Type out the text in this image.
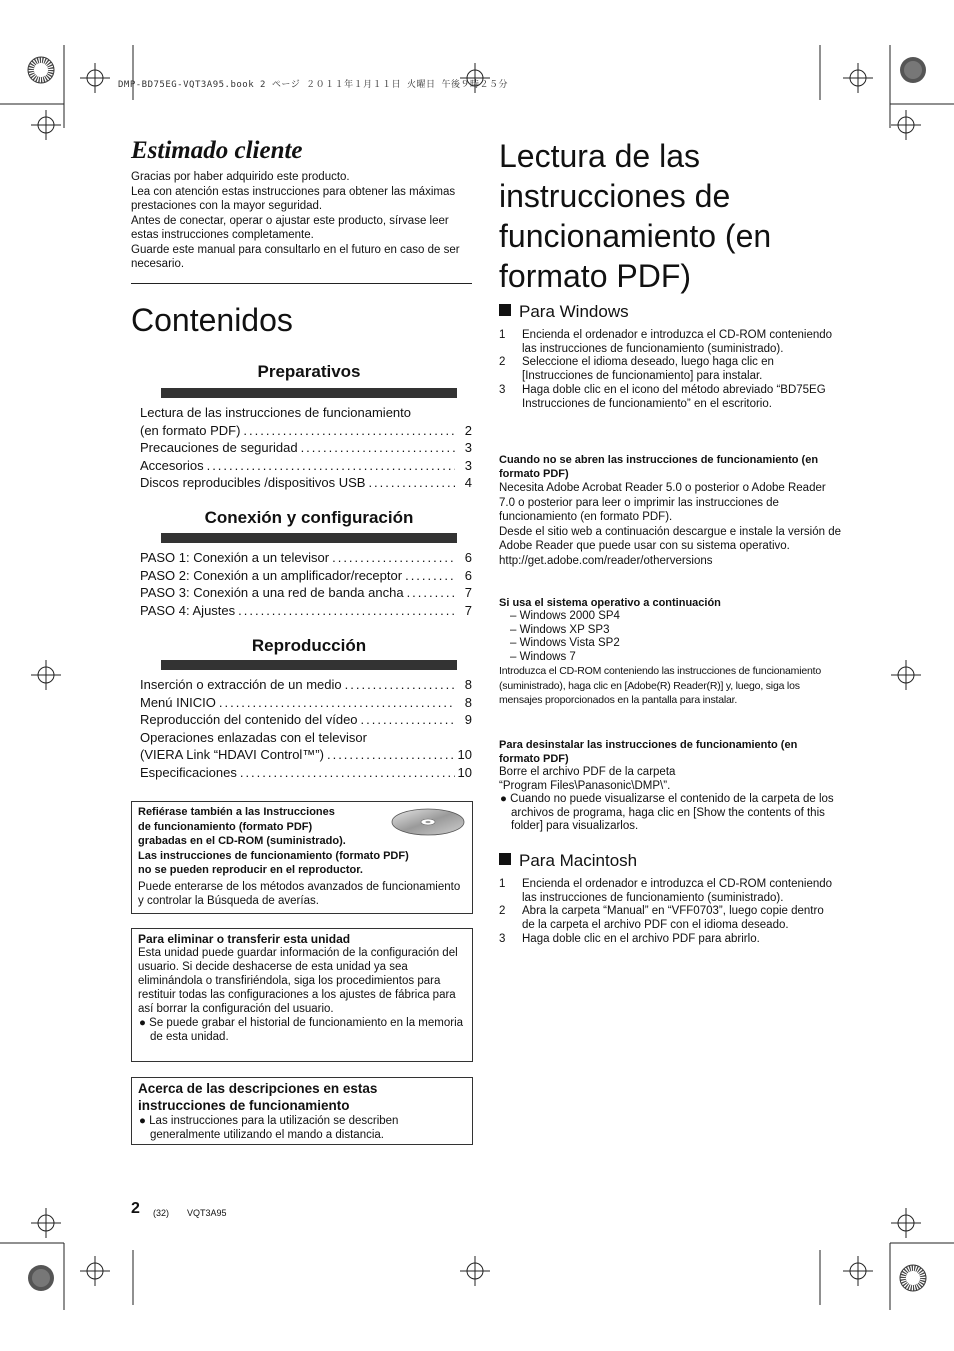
DMP-BD75EG-VQT3A95.book 2 ページ ２０１１年１月１１日 火曜日 午後９時２５分
Estimado cliente

Gracias por haber adquirido este producto.

Lea con atención estas instrucciones para obtener las máximas prestaciones con la mayor seguridad.

Antes de conectar, operar o ajustar este producto, sírvase leer estas instrucciones completamente.

Guarde este manual para consultarlo en el futuro en caso de ser necesario.

Contenidos
Preparativos
Lectura de las instrucciones de funcionamiento
(en formato PDF) .....	2
Precauciones de seguridad .....	3
Accesorios .....	3
Discos reproducibles /dispositivos USB .....	4
Conexión y configuración
PASO 1: Conexión a un televisor .....	6
PASO 2: Conexión a un amplificador/receptor .....	6
PASO 3: Conexión a una red de banda ancha .....	7
PASO 4: Ajustes .....	7
Reproducción
Inserción o extracción de un medio .....	8
Menú INICIO .....	8
Reproducción del contenido del vídeo .....	9
Operaciones enlazadas con el televisor
(VIERA Link “HDAVI Control™”) .....	10
Especificaciones .....	10
Refiérase también a las Instrucciones
de funcionamiento (formato PDF)
grabadas en el CD-ROM (suministrado).
Las instrucciones de funcionamiento (formato PDF)
no se pueden reproducir en el reproductor.
Puede enterarse de los métodos avanzados de funcionamiento y controlar la Búsqueda de averías.
Para eliminar o transferir esta unidad
Esta unidad puede guardar información de la configuración del usuario. Si decide deshacerse de esta unidad ya sea eliminándola o transfiriéndola, siga los procedimientos para restituir todas las configuraciones a los ajustes de fábrica para así borrar la configuración del usuario.
● Se puede grabar el historial de funcionamiento en la memoria de esta unidad.
Acerca de las descripciones en estas instrucciones de funcionamiento
● Las instrucciones para la utilización se describen generalmente utilizando el mando a distancia.
2 (32) VQT3A95
Lectura de las instrucciones de funcionamiento (en formato PDF)
Para Windows
1	Encienda el ordenador e introduzca el CD-ROM conteniendo las instrucciones de funcionamiento (suministrado).
2	Seleccione el idioma deseado, luego haga clic en [Instrucciones de funcionamiento] para instalar.
3	Haga doble clic en el icono del método abreviado “BD75EG Instrucciones de funcionamiento” en el escritorio.
Cuando no se abren las instrucciones de funcionamiento (en formato PDF)
Necesita Adobe Acrobat Reader 5.0 o posterior o Adobe Reader 7.0 o posterior para leer o imprimir las instrucciones de funcionamiento (en formato PDF).
Desde el sitio web a continuación descargue e instale la versión de Adobe Reader que puede usar con su sistema operativo.
http://get.adobe.com/reader/otherversions
Si usa el sistema operativo a continuación
– Windows 2000 SP4
– Windows XP SP3
– Windows Vista SP2
– Windows 7
Introduzca el CD-ROM conteniendo las instrucciones de funcionamiento (suministrado), haga clic en [Adobe(R) Reader(R)] y, luego, siga los mensajes proporcionados en la pantalla para instalar.
Para desinstalar las instrucciones de funcionamiento (en formato PDF)
Borre el archivo PDF de la carpeta
“Program Files\Panasonic\DMP\”.
● Cuando no puede visualizarse el contenido de la carpeta de los archivos de programa, haga clic en [Show the contents of this folder] para visualizarlos.
Para Macintosh
1	Encienda el ordenador e introduzca el CD-ROM conteniendo las instrucciones de funcionamiento (suministrado).
2	Abra la carpeta “Manual” en “VFF0703”, luego copie dentro de la carpeta el archivo PDF con el idioma deseado.
3	Haga doble clic en el archivo PDF para abrirlo.
